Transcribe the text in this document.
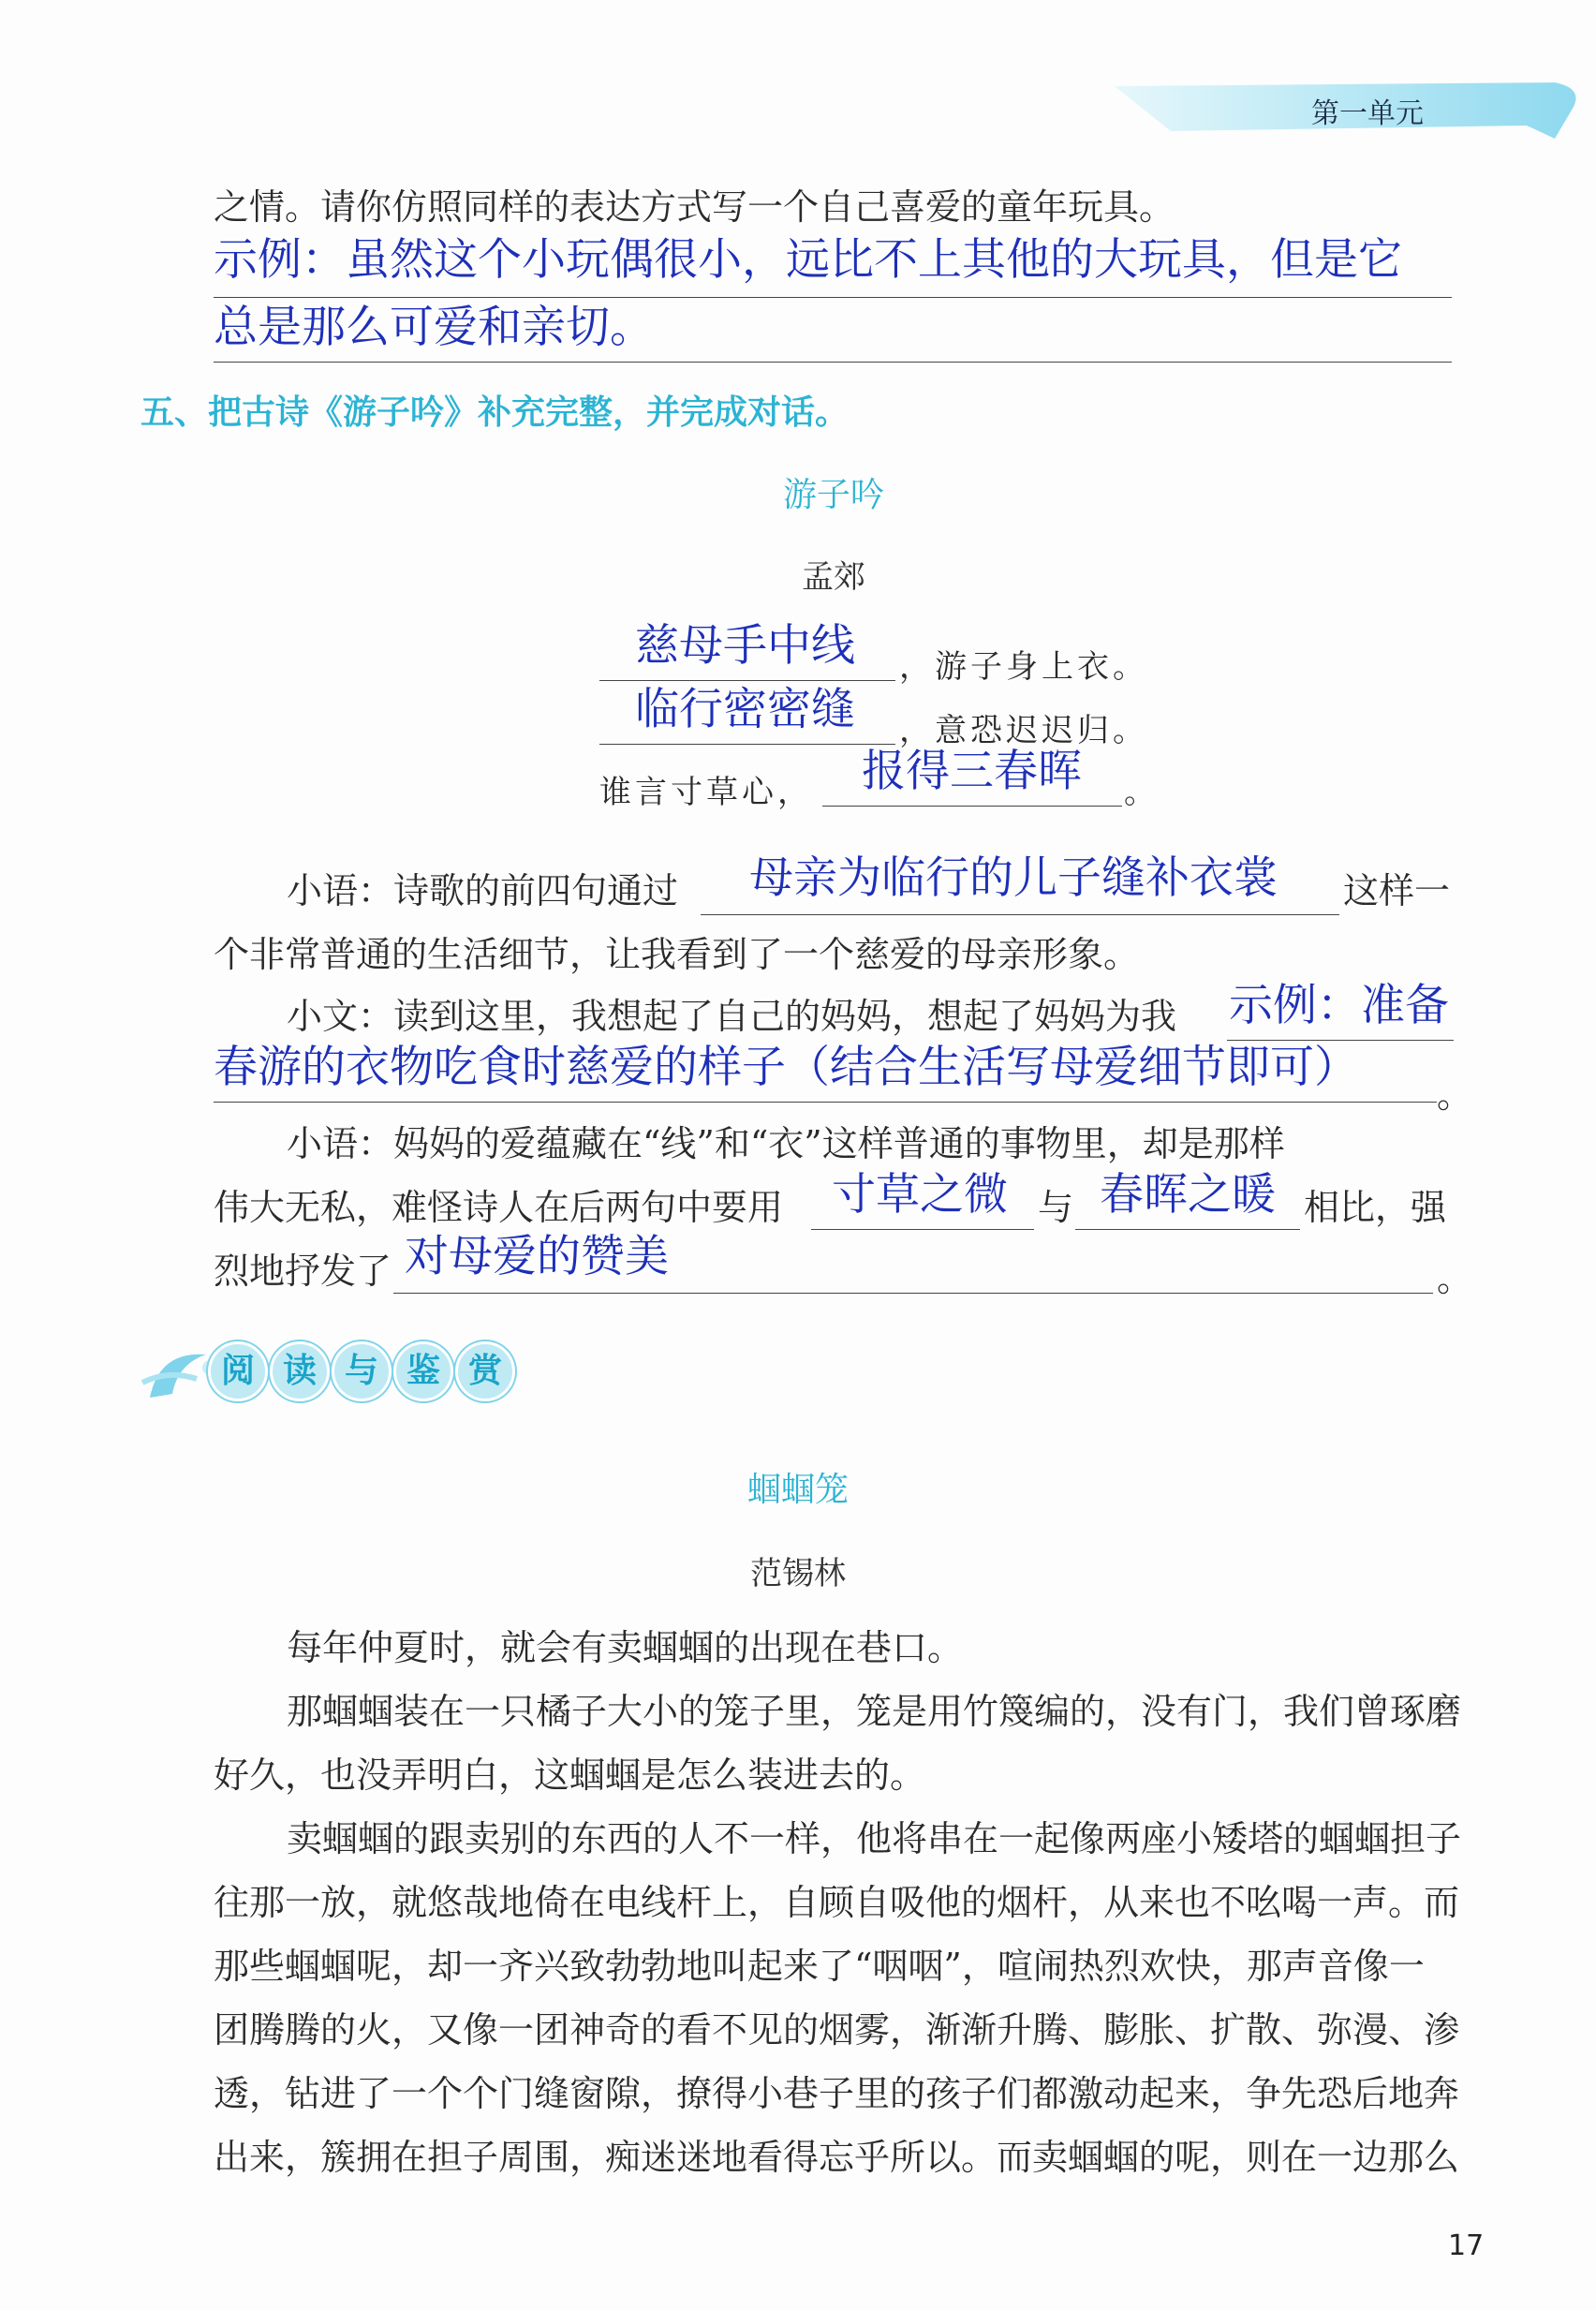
第一单元
之情。请你仿照同样的表达方式写一个自己喜爱的童年玩具。
示例：虽然这个小玩偶很小，远比不上其他的大玩具，但是它
总是那么可爱和亲切。
五、把古诗《游子吟》补充完整，并完成对话。
游子吟
孟郊
慈母手中线 ，游子身上衣。
临行密密缝 ，意恐迟迟归。
谁言寸草心， 报得三春晖 。
小语：诗歌的前四句通过 母亲为临行的儿子缝补衣裳 这样一
个非常普通的生活细节，让我看到了一个慈爱的母亲形象。
小文：读到这里，我想起了自己的妈妈，想起了妈妈为我 示例：准备
春游的衣物吃食时慈爱的样子（结合生活写母爱细节即可）
。
小语：妈妈的爱蕴藏在“线”和“衣”这样普通的事物里，却是那样
伟大无私，难怪诗人在后两句中要用 寸草之微 与 春晖之暖 相比，强
烈地抒发了 对母爱的赞美	。
阅 读 与 鉴 赏
蝈蝈笼
范锡林
每年仲夏时，就会有卖蝈蝈的出现在巷口。
那蝈蝈装在一只橘子大小的笼子里，笼是用竹篾编的，没有门，我们曾琢磨
好久，也没弄明白，这蝈蝈是怎么装进去的。
卖蝈蝈的跟卖别的东西的人不一样，他将串在一起像两座小矮塔的蝈蝈担子
往那一放，就悠哉地倚在电线杆上，自顾自吸他的烟杆，从来也不吆喝一声。而
那些蝈蝈呢，却一齐兴致勃勃地叫起来了“咽咽”，喧闹热烈欢快，那声音像一
团腾腾的火，又像一团神奇的看不见的烟雾，渐渐升腾、膨胀、扩散、弥漫、渗
透，钻进了一个个门缝窗隙，撩得小巷子里的孩子们都激动起来，争先恐后地奔
出来，簇拥在担子周围，痴迷迷地看得忘乎所以。而卖蝈蝈的呢，则在一边那么
17
